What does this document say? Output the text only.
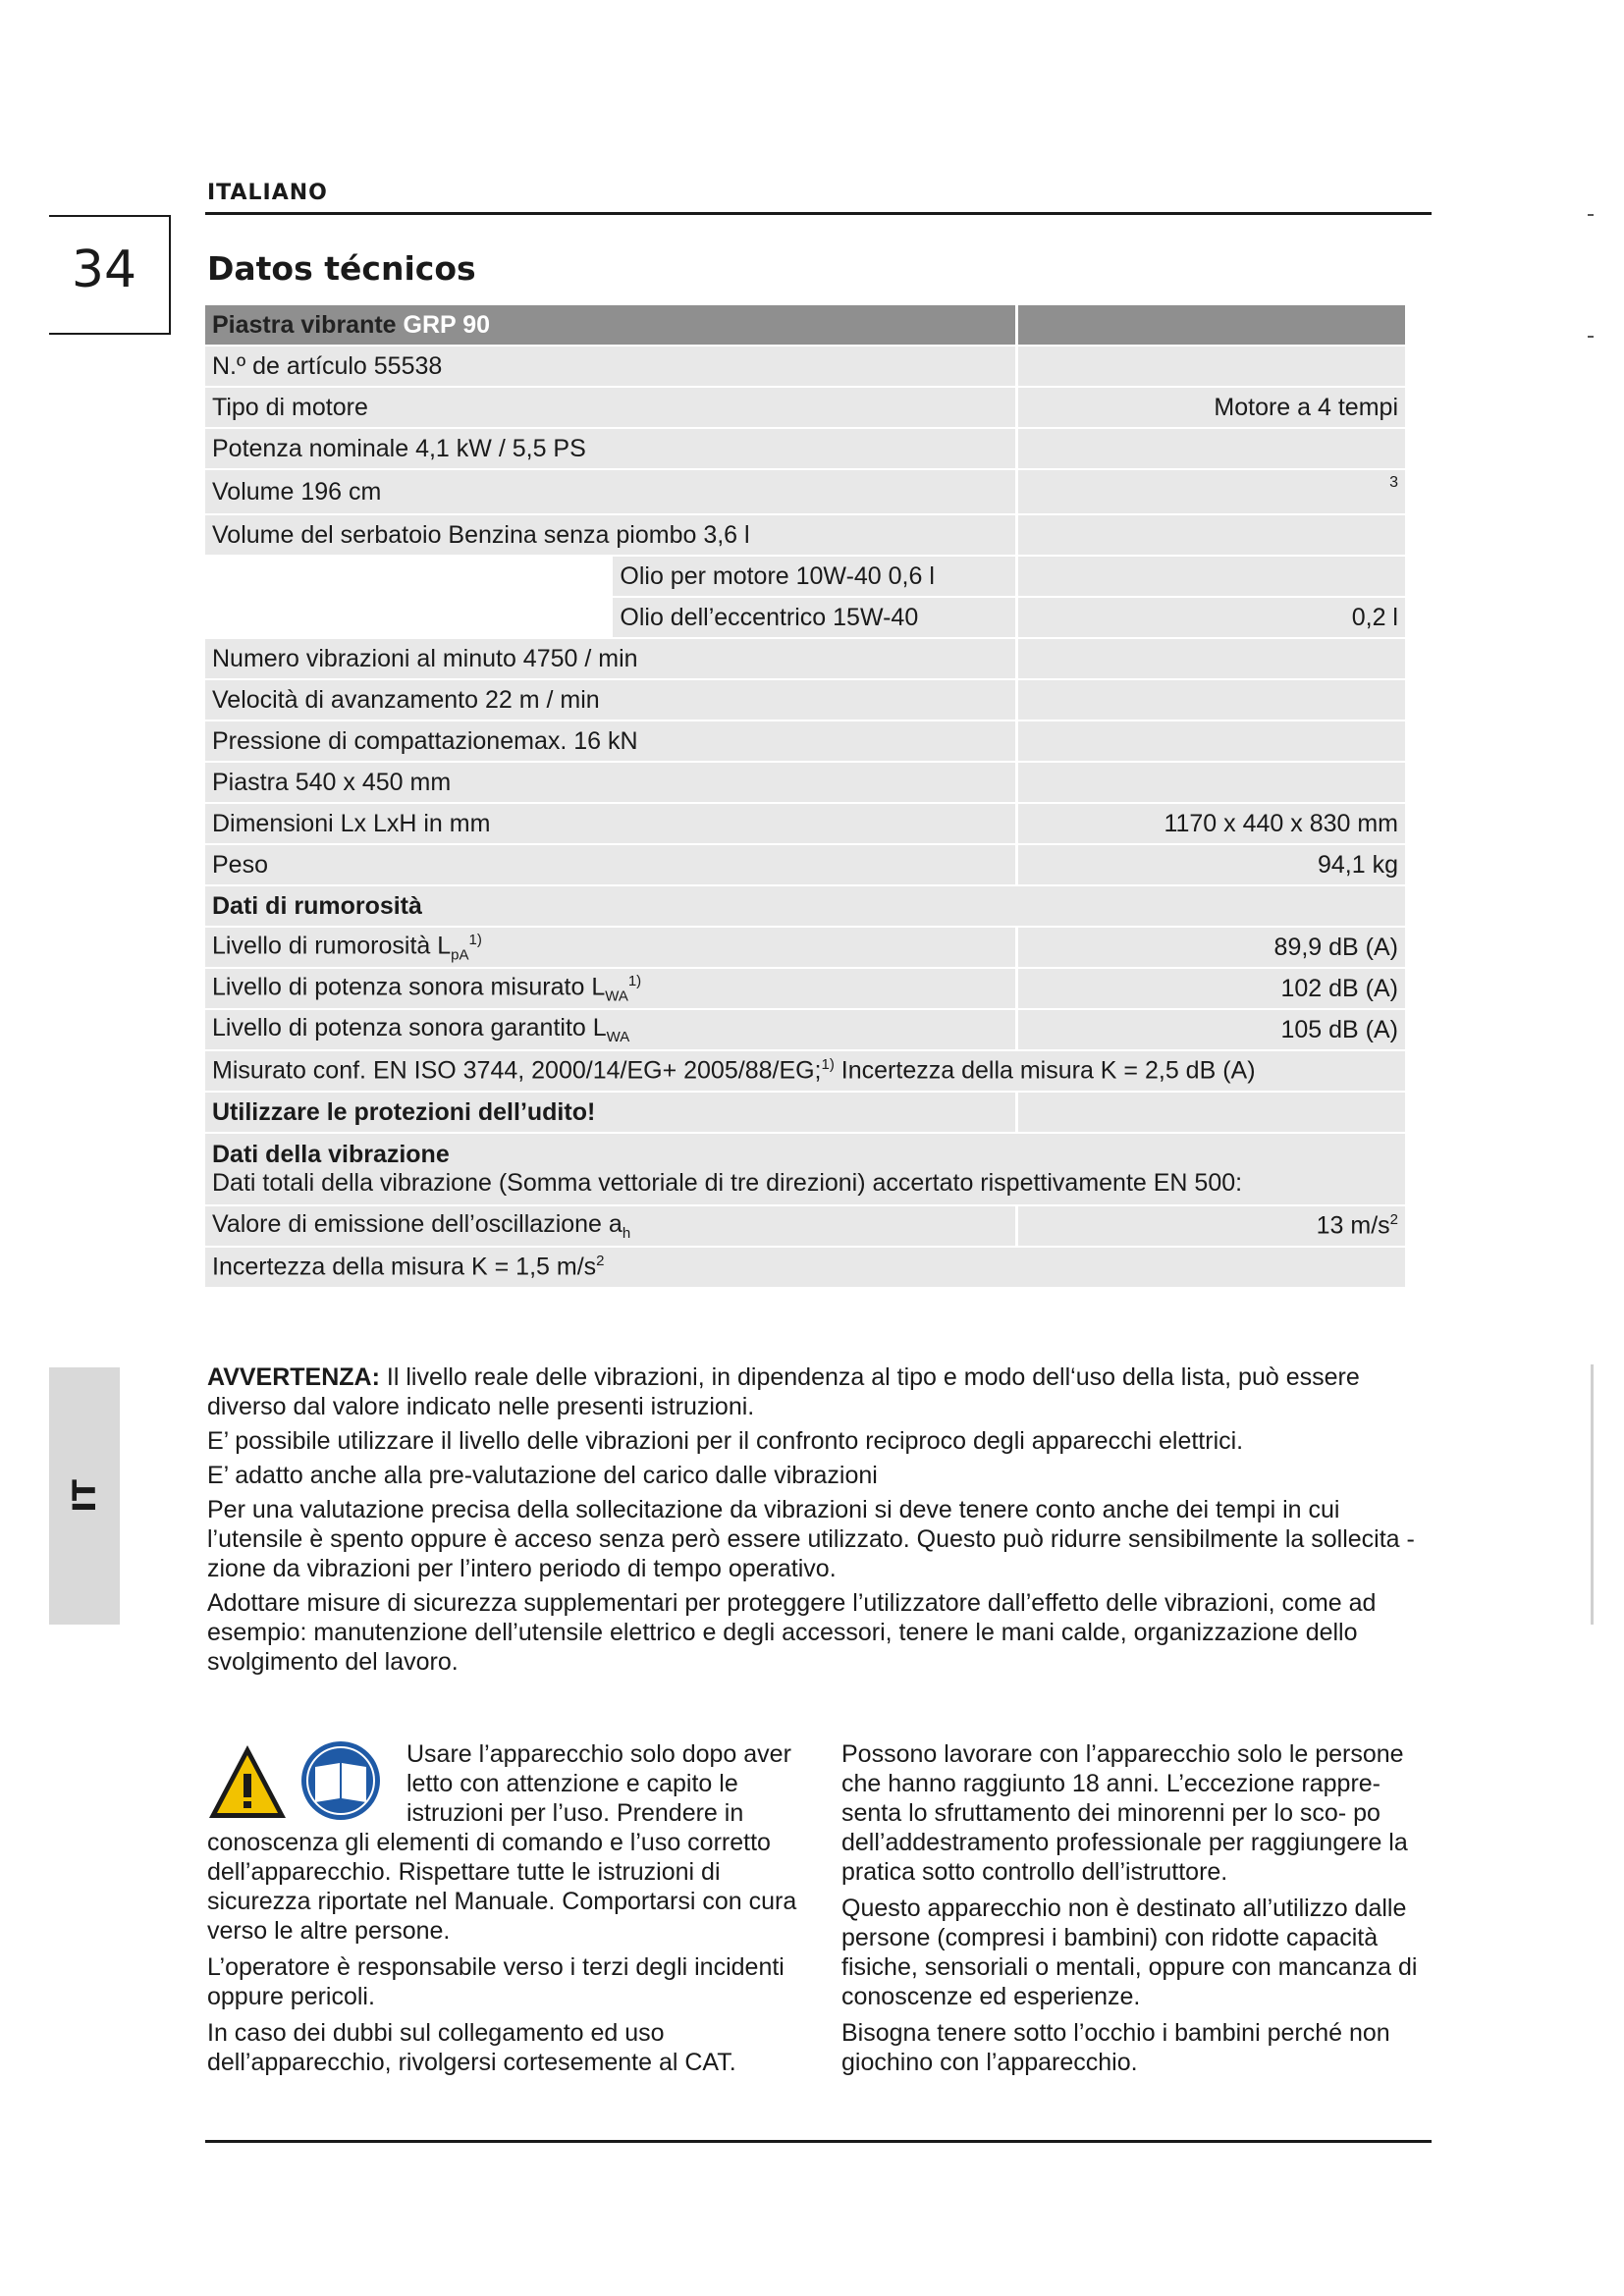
ITALIANO
34	Datos técnicos
Piastra vibrante GRP 90		
N.º de artículo 55538		
Tipo di motore		Motore a 4 tempi
Potenza nominale 4,1 kW / 5,5 PS		
Volume 196 cm		3
Volume del serbatoio Benzina senza piombo 3,6 l		
	Olio per motore 10W-40 0,6 l	
	Olio dell’eccentrico 15W-40	0,2 l
Numero vibrazioni al minuto 4750 / min		
Velocità di avanzamento 22 m / min		
Pressione di compattazionemax. 16 kN		
Piastra 540 x 450 mm		
Dimensioni Lx LxH in mm		1170 x 440 x 830 mm
Peso		94,1 kg
Dati di rumorosità		
Livello di rumorosità $L_{pA}^{1)}$		89,9 dB (A)
Livello di potenza sonora misurato $L_{WA}^{1)}$		102 dB (A)
Livello di potenza sonora garantito $L_{WA}$		105 dB (A)
Misurato conf. EN ISO 3744, 2000/14/EG+ 2005/88/EG;$^{1)}$ Incertezza della misura K = 2,5 dB (A)		
Utilizzare le protezioni dell’udito!		

Dati della vibrazione
Dati totali della vibrazione (Somma vettoriale di tre direzioni) accertato rispettivamente EN 500:		

Valore di emissione dell’oscillazione $a_h$		13 $m/s^2$
Incertezza della misura K = 1,5 $m/s^2$
IT

AVVERTENZA: Il livello reale delle vibrazioni, in dipendenza al tipo e modo dell‘uso della lista, può essere diverso dal valore indicato nelle presenti istruzioni.

E’ possibile utilizzare il livello delle vibrazioni per il confronto reciproco degli apparecchi elettrici.

E’ adatto anche alla pre-valutazione del carico dalle vibrazioni

Per una valutazione precisa della sollecitazione da vibrazioni si deve tenere conto anche dei tempi in cui l’utensile è spento oppure è acceso senza però essere utilizzato. Questo può ridurre sensibilmente la sollecita - zione da vibrazioni per l’intero periodo di tempo operativo.

Adottare misure di sicurezza supplementari per proteggere l’utilizzatore dall’effetto delle vibrazioni, come ad esempio: manutenzione dell’utensile elettrico e degli accessori, tenere le mani calde, organizzazione dello svolgimento del lavoro.

Usare l’apparecchio solo dopo aver letto con attenzione e capito le istruzioni per l’uso. Prendere in conoscenza gli elementi di comando e l’uso corretto dell’apparecchio. Rispettare tutte le istruzioni di sicurezza riportate nel Manuale. Comportarsi con cura verso le altre persone.

L’operatore è responsabile verso i terzi degli incidenti oppure pericoli.

In caso dei dubbi sul collegamento ed uso dell’apparecchio, rivolgersi cortesemente al CAT.

Possono lavorare con l’apparecchio solo le persone che hanno raggiunto 18 anni. L’eccezione rappre- senta lo sfruttamento dei minorenni per lo sco- po dell’addestramento professionale per raggiungere la pratica sotto controllo dell’istruttore.

Questo apparecchio non è destinato all’utilizzo dalle persone (compresi i bambini) con ridotte capacità fisiche, sensoriali o mentali, oppure con mancanza di conoscenze ed esperienze.

Bisogna tenere sotto l’occhio i bambini perché non giochino con l’apparecchio.
